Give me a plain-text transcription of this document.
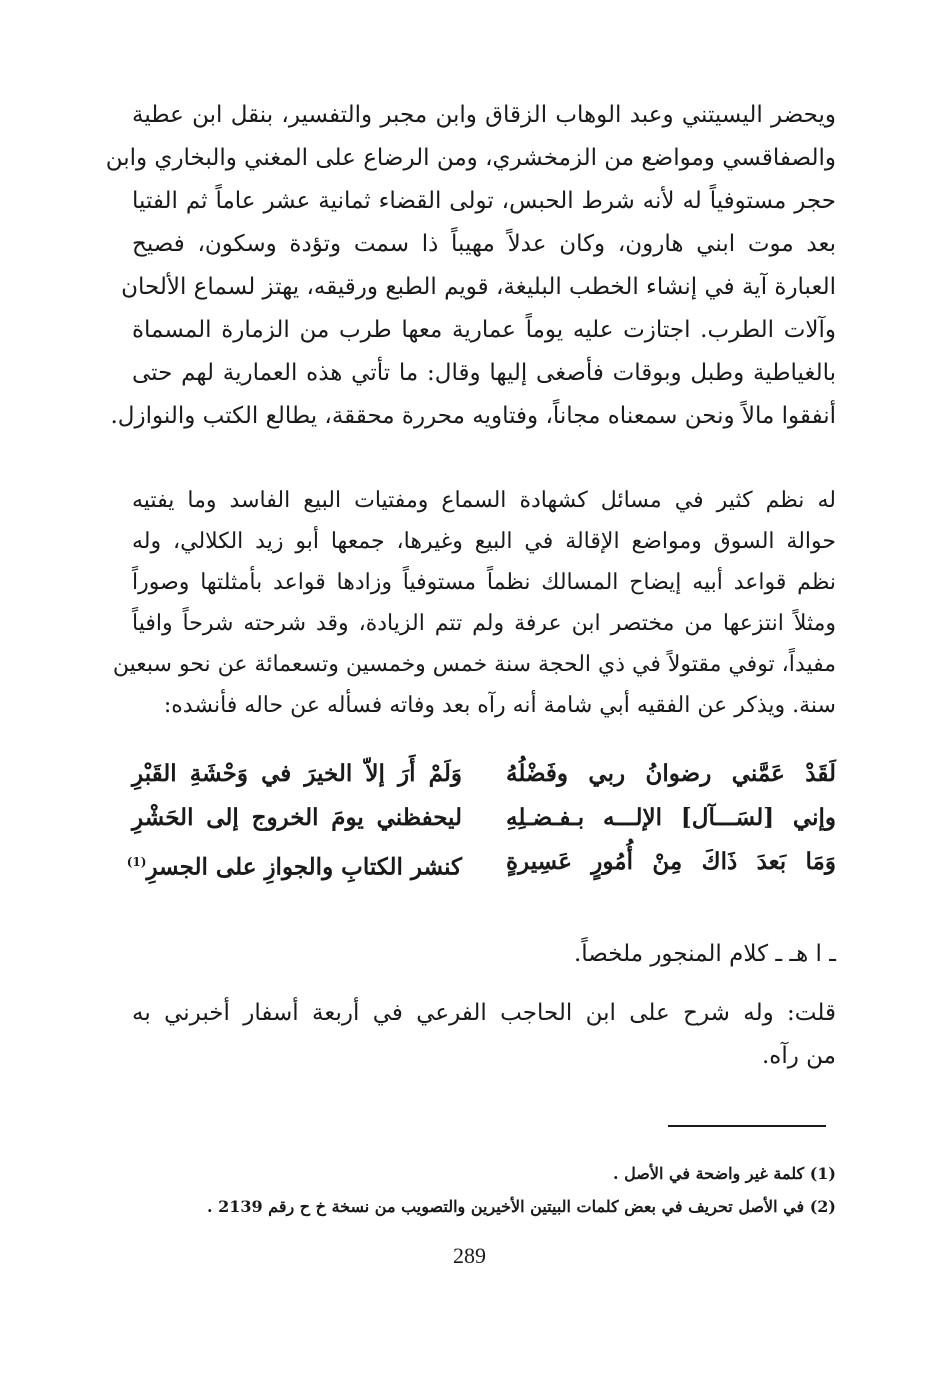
ويحضر اليسيتني وعبد الوهاب الزقاق وابن مجبر والتفسير، بنقل ابن عطية
والصفاقسي ومواضع من الزمخشري، ومن الرضاع على المغني والبخاري وابن
حجر مستوفياً له لأنه شرط الحبس، تولى القضاء ثمانية عشر عاماً ثم الفتيا
بعد موت ابني هارون، وكان عدلاً مهيباً ذا سمت وتؤدة وسكون، فصيح
العبارة آية في إنشاء الخطب البليغة، قويم الطبع ورقيقه، يهتز لسماع الألحان
وآلات الطرب. اجتازت عليه يوماً عمارية معها طرب من الزمارة المسماة
بالغياطية وطبل وبوقات فأصغى إليها وقال: ما تأتي هذه العمارية لهم حتى
أنفقوا مالاً ونحن سمعناه مجاناً، وفتاويه محررة محققة، يطالع الكتب والنوازل.
له نظم كثير في مسائل كشهادة السماع ومفتيات البيع الفاسد وما يفتيه
حوالة السوق ومواضع الإقالة في البيع وغيرها، جمعها أبو زيد الكلالي، وله
نظم قواعد أبيه إيضاح المسالك نظماً مستوفياً وزادها قواعد بأمثلتها وصوراً
ومثلاً انتزعها من مختصر ابن عرفة ولم تتم الزيادة، وقد شرحته شرحاً وافياً
مفيداً، توفي مقتولاً في ذي الحجة سنة خمس وخمسين وتسعمائة عن نحو سبعين
سنة. ويذكر عن الفقيه أبي شامة أنه رآه بعد وفاته فسأله عن حاله فأنشده:
لَقَدْ عَمَّني رضوانُ ربي وفَضْلُهُ
وَلَمْ أَرَ إلاّ الخيرَ في وَحْشَةِ القَبْرِ
وإني [لسَـــآل] الإلـــه بـفـضـلِهِ
ليحفظني يومَ الخروج إلى الحَشْرِ
وَمَا بَعدَ ذَاكَ مِنْ أُمُورٍ عَسِيرةٍ
كنشر الكتابِ والجوازِ على الجسرِ$^{(1)}$
ـ ا هـ ـ كلام المنجور ملخصاً.
قلت: وله شرح على ابن الحاجب الفرعي في أربعة أسفار أخبرني به
من رآه.
(1) كلمة غير واضحة في الأصل .
(2) في الأصل تحريف في بعض كلمات البيتين الأخيرين والتصويب من نسخة خ ح رقم 2139 .
289
